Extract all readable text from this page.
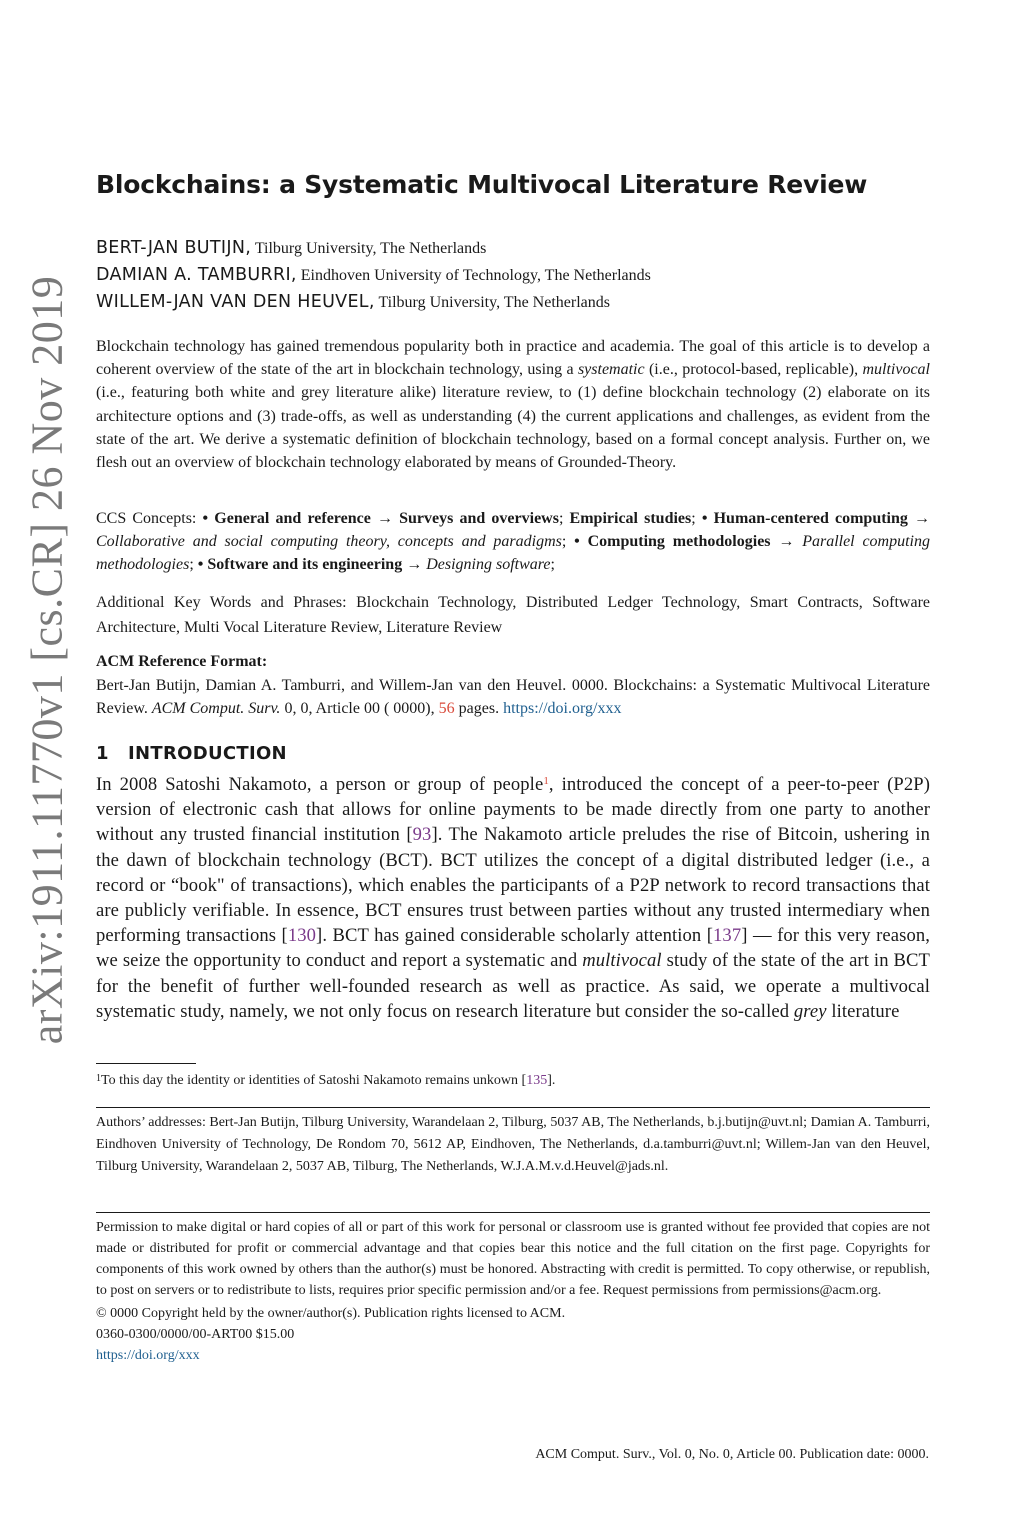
arXiv:1911.11770v1 [cs.CR] 26 Nov 2019
Blockchains: a Systematic Multivocal Literature Review
BERT-JAN BUTIJN, Tilburg University, The Netherlands
DAMIAN A. TAMBURRI, Eindhoven University of Technology, The Netherlands
WILLEM-JAN VAN DEN HEUVEL, Tilburg University, The Netherlands
Blockchain technology has gained tremendous popularity both in practice and academia. The goal of this article is to develop a coherent overview of the state of the art in blockchain technology, using a systematic (i.e., protocol-based, replicable), multivocal (i.e., featuring both white and grey literature alike) literature review, to (1) define blockchain technology (2) elaborate on its architecture options and (3) trade-offs, as well as understanding (4) the current applications and challenges, as evident from the state of the art. We derive a systematic definition of blockchain technology, based on a formal concept analysis. Further on, we flesh out an overview of blockchain technology elaborated by means of Grounded-Theory.
CCS Concepts: • General and reference → Surveys and overviews; Empirical studies; • Human-centered computing → Collaborative and social computing theory, concepts and paradigms; • Computing methodologies → Parallel computing methodologies; • Software and its engineering → Designing software;
Additional Key Words and Phrases: Blockchain Technology, Distributed Ledger Technology, Smart Contracts, Software Architecture, Multi Vocal Literature Review, Literature Review
ACM Reference Format:
Bert-Jan Butijn, Damian A. Tamburri, and Willem-Jan van den Heuvel. 0000. Blockchains: a Systematic Multivocal Literature Review. ACM Comput. Surv. 0, 0, Article 00 ( 0000), 56 pages. https://doi.org/xxx
1 INTRODUCTION
In 2008 Satoshi Nakamoto, a person or group of people$^1$, introduced the concept of a peer-to-peer (P2P) version of electronic cash that allows for online payments to be made directly from one party to another without any trusted financial institution [93]. The Nakamoto article preludes the rise of Bitcoin, ushering in the dawn of blockchain technology (BCT). BCT utilizes the concept of a digital distributed ledger (i.e., a record or “book" of transactions), which enables the participants of a P2P network to record transactions that are publicly verifiable. In essence, BCT ensures trust between parties without any trusted intermediary when performing transactions [130]. BCT has gained considerable scholarly attention [137] — for this very reason, we seize the opportunity to conduct and report a systematic and multivocal study of the state of the art in BCT for the benefit of further well-founded research as well as practice. As said, we operate a multivocal systematic study, namely, we not only focus on research literature but consider the so-called grey literature
$^1$To this day the identity or identities of Satoshi Nakamoto remains unkown [135].
Authors’ addresses: Bert-Jan Butijn, Tilburg University, Warandelaan 2, Tilburg, 5037 AB, The Netherlands, b.j.butijn@uvt.nl; Damian A. Tamburri, Eindhoven University of Technology, De Rondom 70, 5612 AP, Eindhoven, The Netherlands, d.a.tamburri@uvt.nl; Willem-Jan van den Heuvel, Tilburg University, Warandelaan 2, 5037 AB, Tilburg, The Netherlands, W.J.A.M.v.d.Heuvel@jads.nl.
Permission to make digital or hard copies of all or part of this work for personal or classroom use is granted without fee provided that copies are not made or distributed for profit or commercial advantage and that copies bear this notice and the full citation on the first page. Copyrights for components of this work owned by others than the author(s) must be honored. Abstracting with credit is permitted. To copy otherwise, or republish, to post on servers or to redistribute to lists, requires prior specific permission and/or a fee. Request permissions from permissions@acm.org.
© 0000 Copyright held by the owner/author(s). Publication rights licensed to ACM.
0360-0300/0000/00-ART00 $15.00
https://doi.org/xxx
ACM Comput. Surv., Vol. 0, No. 0, Article 00. Publication date: 0000.
